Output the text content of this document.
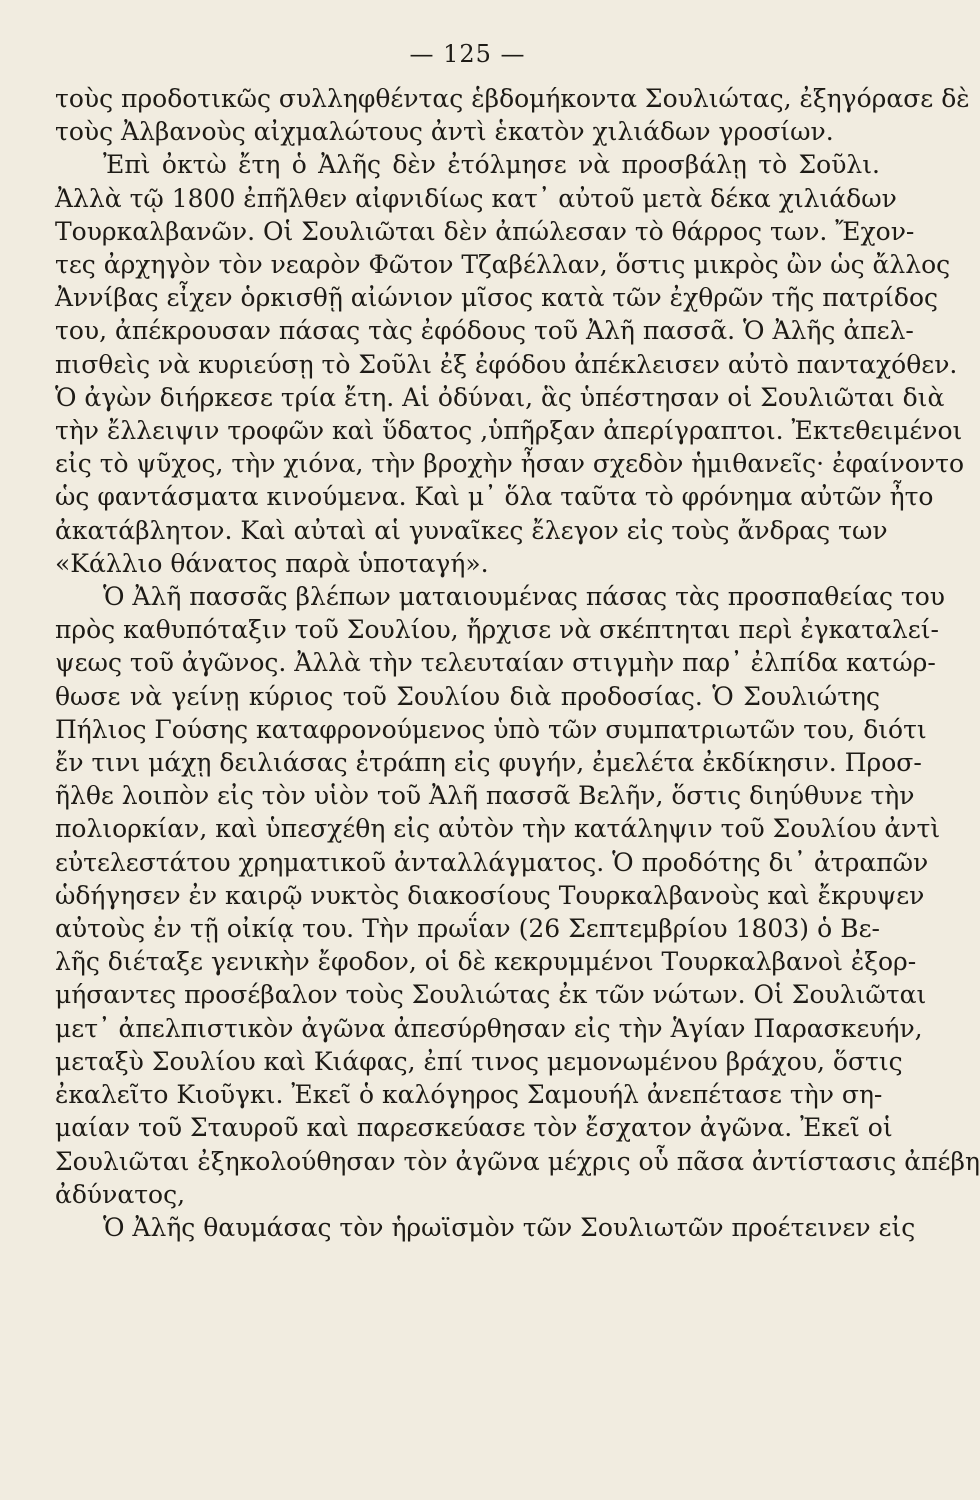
— 125 —
τοὺς προδοτικῶς συλληφθέντας ἑβδομήκοντα Σουλιώτας, ἐξηγόρασε δὲ
τοὺς Ἀλβανοὺς αἰχμαλώτους ἀντὶ ἑκατὸν χιλιάδων γροσίων.
Ἐπὶ ὀκτὼ ἔτη ὁ Ἀλῆς δὲν ἐτόλμησε νὰ προσβάλῃ τὸ Σοῦλι.
Ἀλλὰ τῷ 1800 ἐπῆλθεν αἰφνιδίως κατ᾽ αὐτοῦ μετὰ δέκα χιλιάδων
Τουρκαλβανῶν. Οἱ Σουλιῶται δὲν ἀπώλεσαν τὸ θάρρος των. Ἔχον-
τες ἀρχηγὸν τὸν νεαρὸν Φῶτον Τζαβέλλαν, ὅστις μικρὸς ὢν ὡς ἄλλος
Ἀννίβας εἶχεν ὁρκισθῇ αἰώνιον μῖσος κατὰ τῶν ἐχθρῶν τῆς πατρίδος
του, ἀπέκρουσαν πάσας τὰς ἐφόδους τοῦ Ἀλῆ πασσᾶ. Ὁ Ἀλῆς ἀπελ-
πισθεὶς νὰ κυριεύσῃ τὸ Σοῦλι ἐξ ἐφόδου ἀπέκλεισεν αὐτὸ πανταχόθεν.
Ὁ ἀγὼν διήρκεσε τρία ἔτη. Αἱ ὀδύναι, ἃς ὑπέστησαν οἱ Σουλιῶται διὰ
τὴν ἔλλειψιν τροφῶν καὶ ὕδατος ,ὑπῆρξαν ἀπερίγραπτοι. Ἐκτεθειμένοι
εἰς τὸ ψῦχος, τὴν χιόνα, τὴν βροχὴν ἦσαν σχεδὸν ἡμιθανεῖς· ἐφαίνοντο
ὡς φαντάσματα κινούμενα. Καὶ μ᾽ ὅλα ταῦτα τὸ φρόνημα αὐτῶν ἦτο
ἀκατάβλητον. Καὶ αὐταὶ αἱ γυναῖκες ἔλεγον εἰς τοὺς ἄνδρας των
«Κάλλιο θάνατος παρὰ ὑποταγή».
Ὁ Ἀλῆ πασσᾶς βλέπων ματαιουμένας πάσας τὰς προσπαθείας του
πρὸς καθυπόταξιν τοῦ Σουλίου, ἤρχισε νὰ σκέπτηται περὶ ἐγκαταλεί-
ψεως τοῦ ἀγῶνος. Ἀλλὰ τὴν τελευταίαν στιγμὴν παρ᾽ ἐλπίδα κατώρ-
θωσε νὰ γείνῃ κύριος τοῦ Σουλίου διὰ προδοσίας. Ὁ Σουλιώτης
Πήλιος Γούσης καταφρονούμενος ὑπὸ τῶν συμπατριωτῶν του, διότι
ἔν τινι μάχῃ δειλιάσας ἐτράπη εἰς φυγήν, ἐμελέτα ἐκδίκησιν. Προσ-
ῆλθε λοιπὸν εἰς τὸν υἱὸν τοῦ Ἀλῆ πασσᾶ Βελῆν, ὅστις διηύθυνε τὴν
πολιορκίαν, καὶ ὑπεσχέθη εἰς αὐτὸν τὴν κατάληψιν τοῦ Σουλίου ἀντὶ
εὐτελεστάτου χρηματικοῦ ἀνταλλάγματος. Ὁ προδότης δι᾽ ἀτραπῶν
ὡδήγησεν ἐν καιρῷ νυκτὸς διακοσίους Τουρκαλβανοὺς καὶ ἔκρυψεν
αὐτοὺς ἐν τῇ οἰκίᾳ του. Τὴν πρωΐαν (26 Σεπτεμβρίου 1803) ὁ Βε-
λῆς διέταξε γενικὴν ἔφοδον, οἱ δὲ κεκρυμμένοι Τουρκαλβανοὶ ἐξορ-
μήσαντες προσέβαλον τοὺς Σουλιώτας ἐκ τῶν νώτων. Οἱ Σουλιῶται
μετ᾽ ἀπελπιστικὸν ἀγῶνα ἀπεσύρθησαν εἰς τὴν Ἁγίαν Παρασκευήν,
μεταξὺ Σουλίου καὶ Κιάφας, ἐπί τινος μεμονωμένου βράχου, ὅστις
ἐκαλεῖτο Κιοῦγκι. Ἐκεῖ ὁ καλόγηρος Σαμουήλ ἀνεπέτασε τὴν ση-
μαίαν τοῦ Σταυροῦ καὶ παρεσκεύασε τὸν ἔσχατον ἀγῶνα. Ἐκεῖ οἱ
Σουλιῶται ἐξηκολούθησαν τὸν ἀγῶνα μέχρις οὗ πᾶσα ἀντίστασις ἀπέβη
ἀδύνατος,
Ὁ Ἀλῆς θαυμάσας τὸν ἡρωϊσμὸν τῶν Σουλιωτῶν προέτεινεν εἰς
